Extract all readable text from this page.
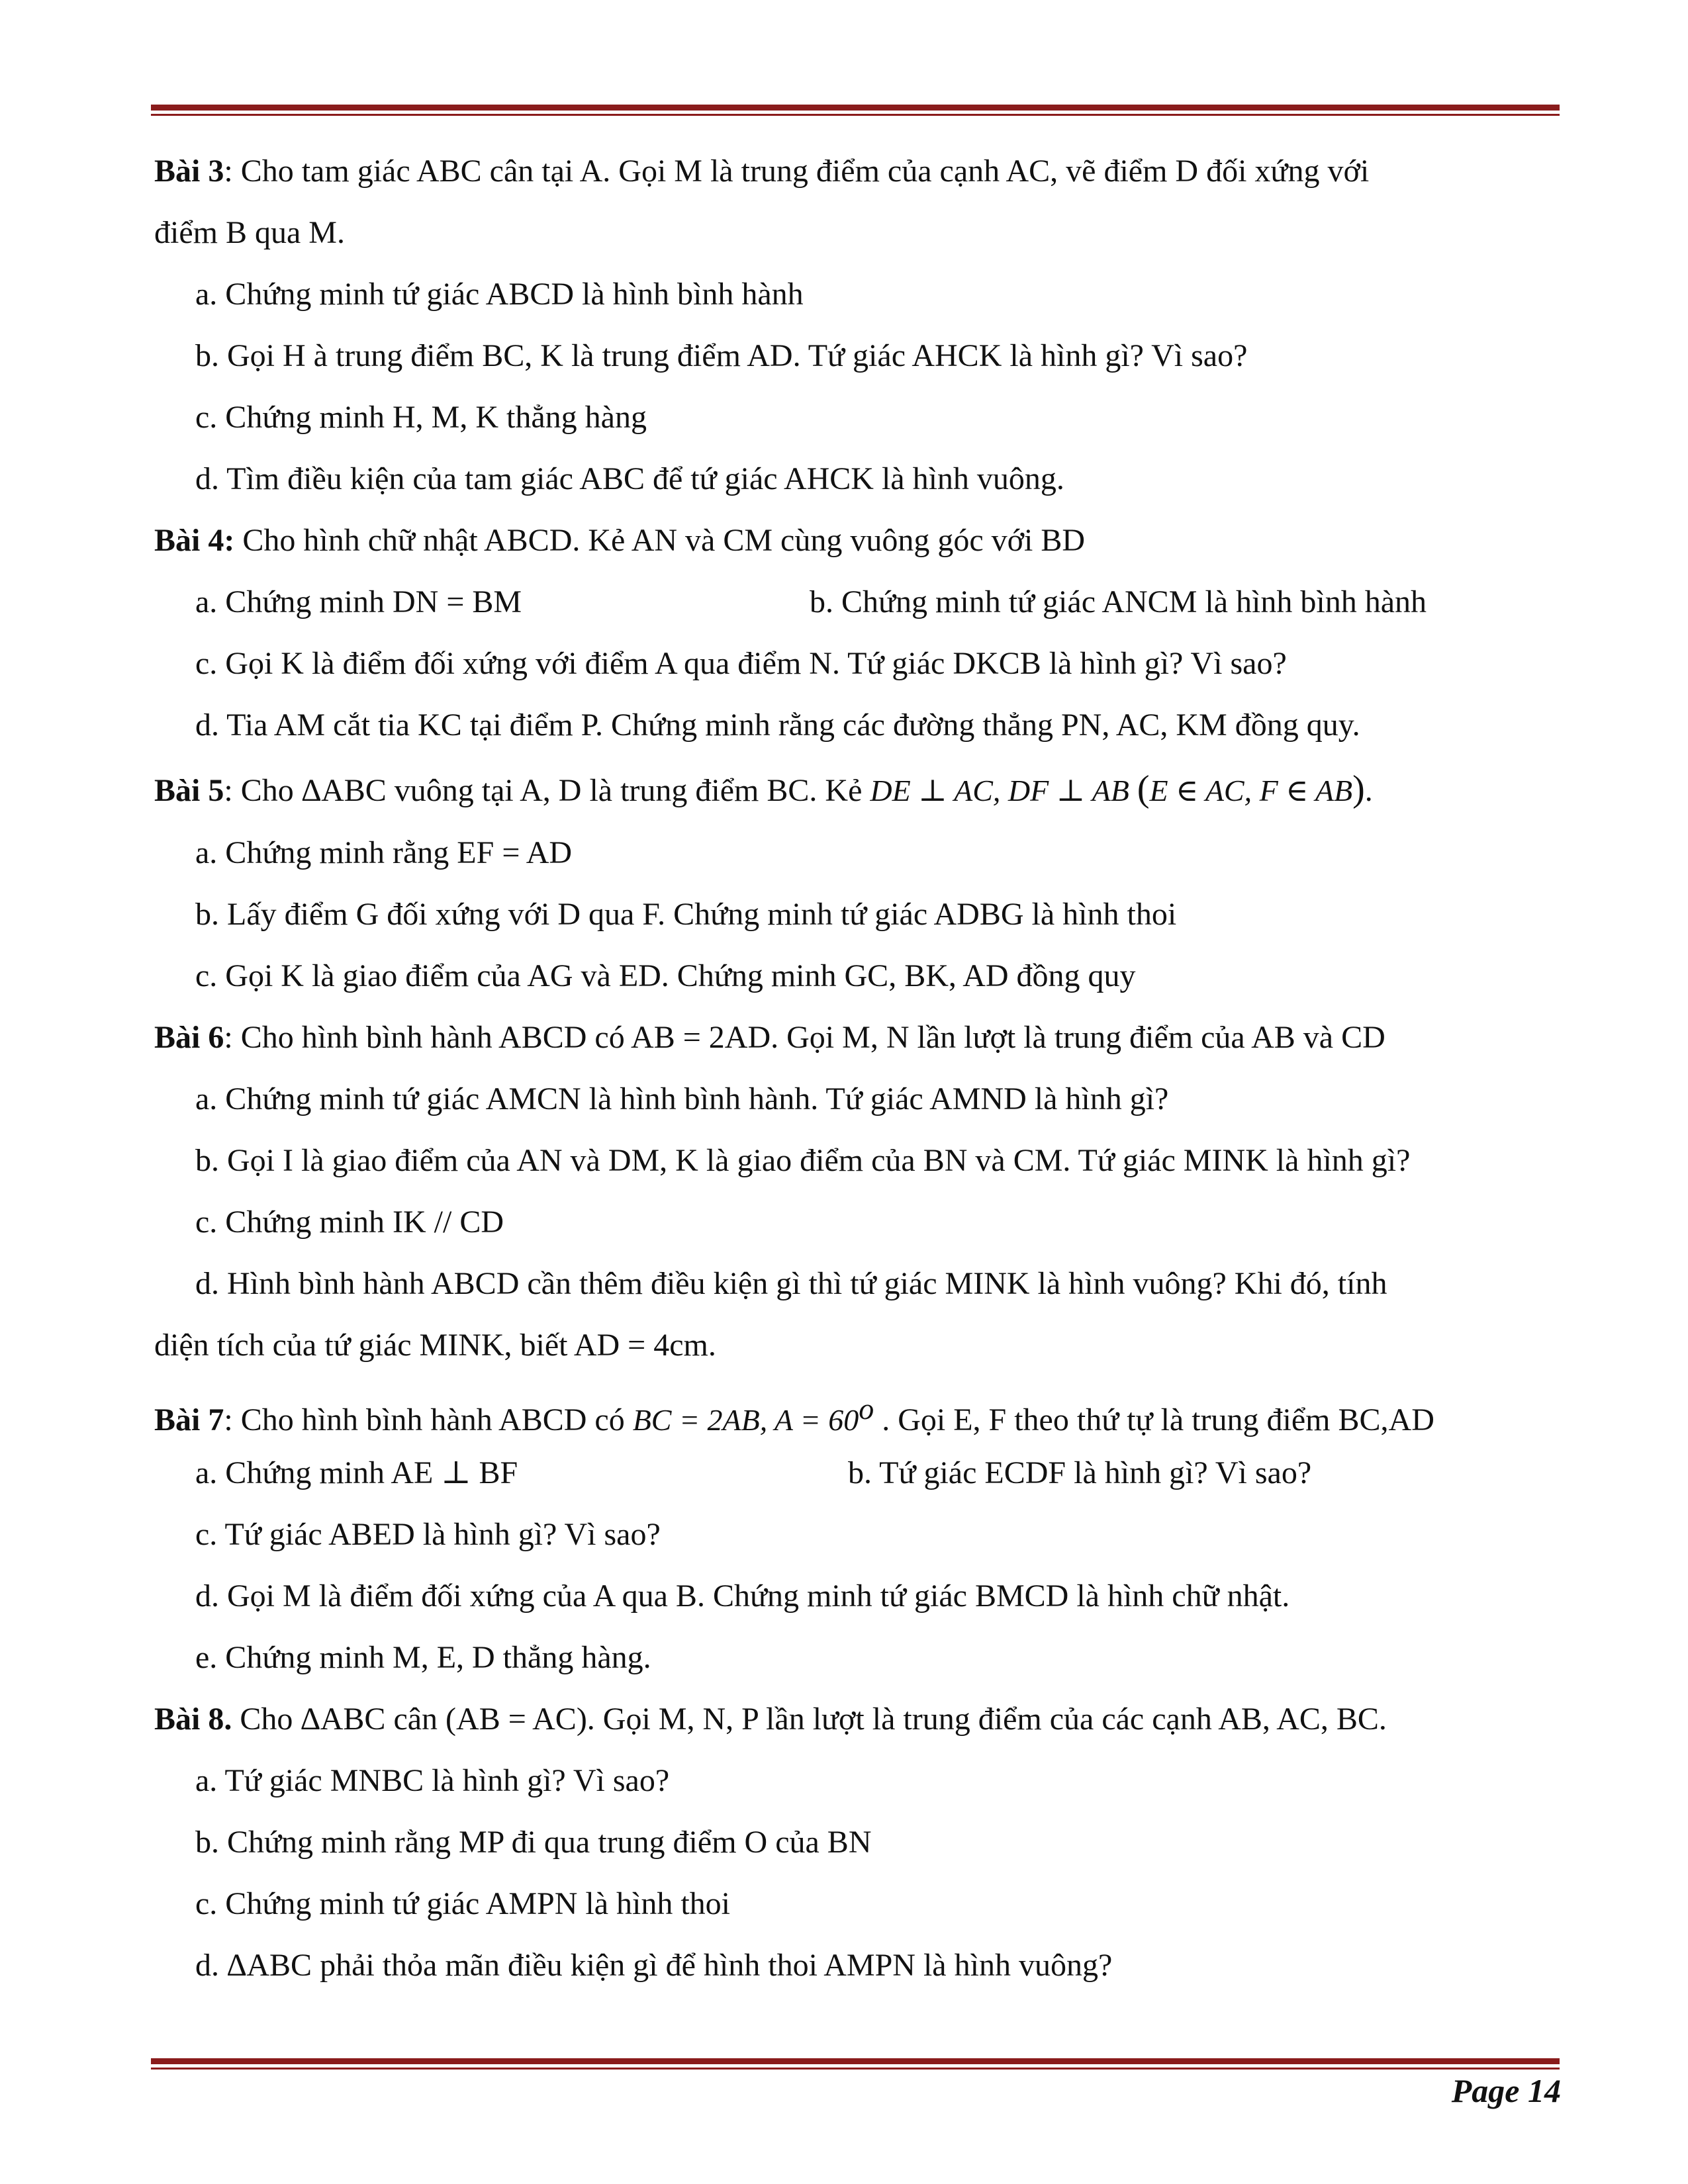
Bài 3: Cho tam giác ABC cân tại A. Gọi M là trung điểm của cạnh AC, vẽ điểm D đối xứng với
điểm B qua M.
a. Chứng minh tứ giác ABCD là hình bình hành
b. Gọi H à trung điểm BC, K là trung điểm AD. Tứ giác AHCK là hình gì? Vì sao?
c. Chứng minh H, M, K thẳng hàng
d. Tìm điều kiện của tam giác ABC để tứ giác AHCK là hình vuông.
Bài 4: Cho hình chữ nhật ABCD. Kẻ AN và CM cùng vuông góc với BD
a. Chứng minh DN = BM	b. Chứng minh tứ giác ANCM là hình bình hành
c. Gọi K là điểm đối xứng với điểm A qua điểm N. Tứ giác DKCB là hình gì? Vì sao?
d. Tia AM cắt tia KC tại điểm P. Chứng minh rằng các đường thẳng PN, AC, KM đồng quy.
Bài 5: Cho ∆ABC vuông tại A, D là trung điểm BC. Kẻ DE ⊥ AC, DF ⊥ AB (E ∈ AC, F ∈ AB).
a. Chứng minh rằng EF = AD
b. Lấy điểm G đối xứng với D qua F. Chứng minh tứ giác ADBG là hình thoi
c. Gọi K là giao điểm của AG và ED. Chứng minh GC, BK, AD đồng quy
Bài 6: Cho hình bình hành ABCD có AB = 2AD. Gọi M, N lần lượt là trung điểm của AB và CD
a. Chứng minh tứ giác AMCN là hình bình hành. Tứ giác AMND là hình gì?
b. Gọi I là giao điểm của AN và DM, K là giao điểm của BN và CM. Tứ giác MINK là hình gì?
c. Chứng minh IK // CD
d. Hình bình hành ABCD cần thêm điều kiện gì thì tứ giác MINK là hình vuông? Khi đó, tính
diện tích của tứ giác MINK, biết AD = 4cm.
Bài 7: Cho hình bình hành ABCD có BC = 2AB, $A = 60^o$ . Gọi E, F theo thứ tự là trung điểm BC,AD
a. Chứng minh AE ⊥ BF	b. Tứ giác ECDF là hình gì? Vì sao?
c. Tứ giác ABED là hình gì? Vì sao?
d. Gọi M là điểm đối xứng của A qua B. Chứng minh tứ giác BMCD là hình chữ nhật.
e. Chứng minh M, E, D thẳng hàng.
Bài 8. Cho ∆ABC cân (AB = AC). Gọi M, N, P lần lượt là trung điểm của các cạnh AB, AC, BC.
a. Tứ giác MNBC là hình gì? Vì sao?
b. Chứng minh rằng MP đi qua trung điểm O của BN
c. Chứng minh tứ giác AMPN là hình thoi
d. ∆ABC phải thỏa mãn điều kiện gì để hình thoi AMPN là hình vuông?
Page 14
